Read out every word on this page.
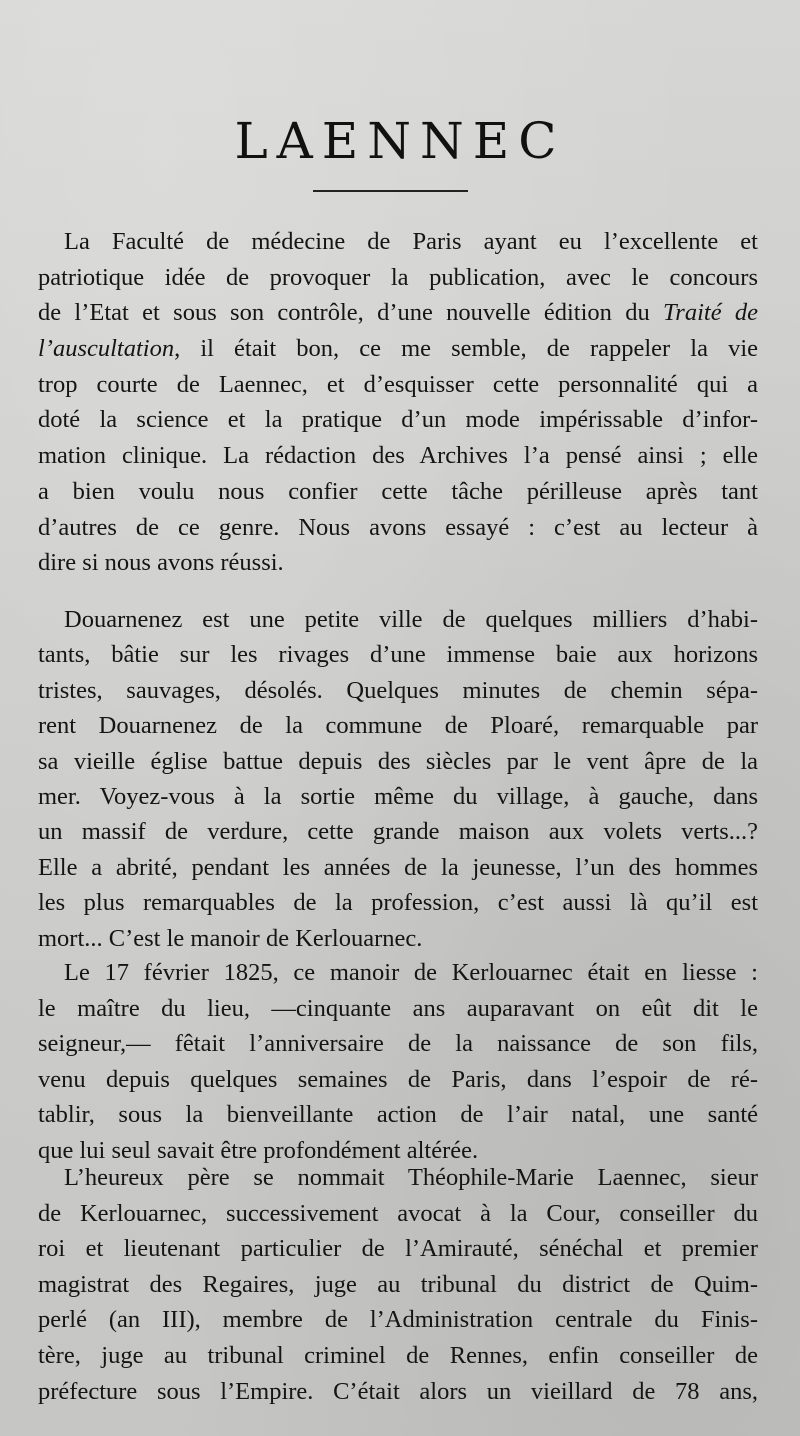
LAENNEC
La Faculté de médecine de Paris ayant eu l’excellente et
patriotique idée de provoquer la publication, avec le concours
de l’Etat et sous son contrôle, d’une nouvelle édition du Traité de
l’auscultation, il était bon, ce me semble, de rappeler la vie
trop courte de Laennec, et d’esquisser cette personnalité qui a
doté la science et la pratique d’un mode impérissable d’infor-
mation clinique. La rédaction des Archives l’a pensé ainsi ; elle
a bien voulu nous confier cette tâche périlleuse après tant
d’autres de ce genre. Nous avons essayé : c’est au lecteur à
dire si nous avons réussi.
Douarnenez est une petite ville de quelques milliers d’habi-
tants, bâtie sur les rivages d’une immense baie aux horizons
tristes, sauvages, désolés. Quelques minutes de chemin sépa-
rent Douarnenez de la commune de Ploaré, remarquable par
sa vieille église battue depuis des siècles par le vent âpre de la
mer. Voyez-vous à la sortie même du village, à gauche, dans
un massif de verdure, cette grande maison aux volets verts...?
Elle a abrité, pendant les années de la jeunesse, l’un des hommes
les plus remarquables de la profession, c’est aussi là qu’il est
mort... C’est le manoir de Kerlouarnec.
Le 17 février 1825, ce manoir de Kerlouarnec était en liesse :
le maître du lieu, —cinquante ans auparavant on eût dit le
seigneur,— fêtait l’anniversaire de la naissance de son fils,
venu depuis quelques semaines de Paris, dans l’espoir de ré-
tablir, sous la bienveillante action de l’air natal, une santé
que lui seul savait être profondément altérée.
L’heureux père se nommait Théophile-Marie Laennec, sieur
de Kerlouarnec, successivement avocat à la Cour, conseiller du
roi et lieutenant particulier de l’Amirauté, sénéchal et premier
magistrat des Regaires, juge au tribunal du district de Quim-
perlé (an III), membre de l’Administration centrale du Finis-
tère, juge au tribunal criminel de Rennes, enfin conseiller de
préfecture sous l’Empire. C’était alors un vieillard de 78 ans,
